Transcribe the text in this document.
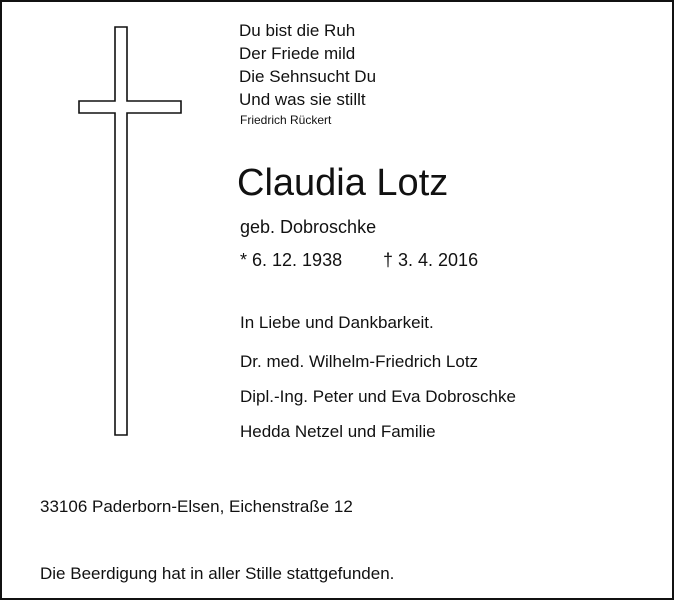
Du bist die Ruh
Der Friede mild
Die Sehnsucht Du
Und was sie stillt
Friedrich Rückert
Claudia Lotz
geb. Dobroschke
* 6. 12. 1938 † 3. 4. 2016
In Liebe und Dankbarkeit.
Dr. med. Wilhelm-Friedrich Lotz
Dipl.-Ing. Peter und Eva Dobroschke
Hedda Netzel und Familie
33106 Paderborn-Elsen, Eichenstraße 12
Die Beerdigung hat in aller Stille stattgefunden.
